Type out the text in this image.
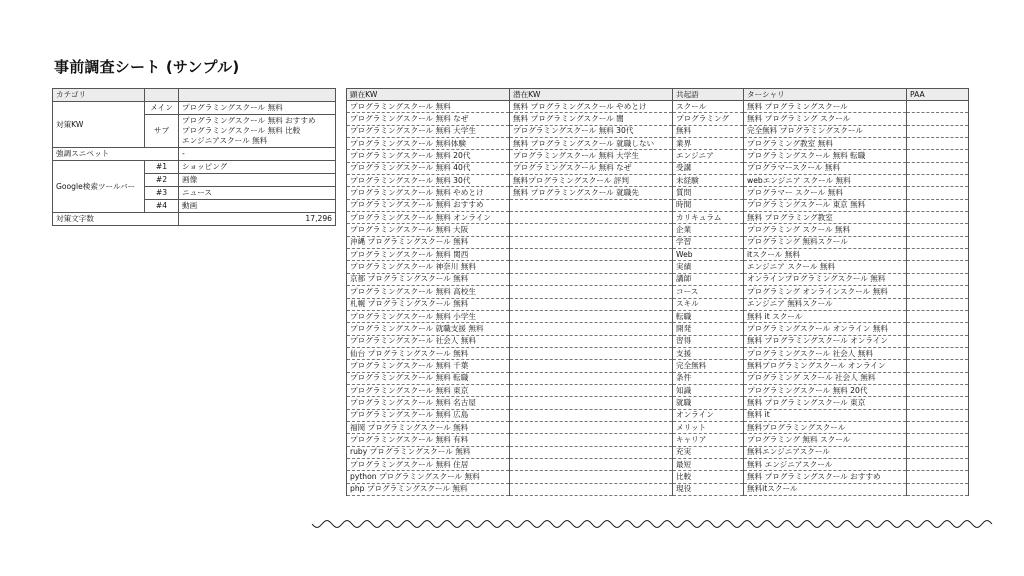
事前調査シート (サンプル)
カテゴリ		
対策KW	メイン	プログラミングスクール 無料
	サブ	プログラミングスクール 無料 おすすめ
プログラミングスクール 無料 比較
エンジニアスクール 無料

強調スニペット		-
Google検索ツールバー	#1	ショッピング
	#2	画像
	#3	ニュース
	#4	動画
対策文字数		17,296
顕在KW	潜在KW	共起語	ターシャリ	PAA
プログラミングスクール 無料	無料 プログラミングスクール やめとけ	スクール	無料 プログラミングスクール	
プログラミングスクール 無料 なぜ	無料 プログラミングスクール 闇	プログラミング	無料 プログラミング スクール	
プログラミングスクール 無料 大学生	プログラミングスクール 無料 30代	無料	完全無料 プログラミングスクール	
プログラミングスクール 無料体験	無料 プログラミングスクール 就職しない	業界	プログラミング教室 無料	
プログラミングスクール 無料 20代	プログラミングスクール 無料 大学生	エンジニア	プログラミングスクール 無料 転職	
プログラミングスクール 無料 40代	プログラミングスクール 無料 なぜ	受講	プログラマースクール 無料	
プログラミングスクール 無料 30代	無料プログラミングスクール 評判	未経験	webエンジニア スクール 無料	
プログラミングスクール 無料 やめとけ	無料 プログラミングスクール 就職先	質問	プログラマー スクール 無料	
プログラミングスクール 無料 おすすめ		時間	プログラミングスクール 東京 無料	
プログラミングスクール 無料 オンライン		カリキュラム	無料 プログラミング教室	
プログラミングスクール 無料 大阪		企業	プログラミング スクール 無料	
沖縄 プログラミングスクール 無料		学習	プログラミング 無料スクール	
プログラミングスクール 無料 関西		Web	itスクール 無料	
プログラミングスクール 神奈川 無料		実績	エンジニア スクール 無料	
京都 プログラミングスクール 無料		講師	オンラインプログラミングスクール 無料	
プログラミングスクール 無料 高校生		コース	プログラミング オンラインスクール 無料	
札幌 プログラミングスクール 無料		スキル	エンジニア 無料スクール	
プログラミングスクール 無料 小学生		転職	無料 it スクール	
プログラミングスクール 就職支援 無料		開発	プログラミングスクール オンライン 無料	
プログラミングスクール 社会人 無料		習得	無料 プログラミングスクール オンライン	
仙台 プログラミングスクール 無料		支援	プログラミングスクール 社会人 無料	
プログラミングスクール 無料 千葉		完全無料	無料プログラミングスクール オンライン	
プログラミングスクール 無料 転職		条件	プログラミング スクール 社会人 無料	
プログラミングスクール 無料 東京		知識	プログラミングスクール 無料 20代	
プログラミングスクール 無料 名古屋		就職	無料 プログラミングスクール 東京	
プログラミングスクール 無料 広島		オンライン	無料 it	
福岡 プログラミングスクール 無料		メリット	無料プログラミングスクール	
プログラミングスクール 無料 有料		キャリア	プログラミング 無料 スクール	
ruby プログラミングスクール 無料		充実	無料エンジニアスクール	
プログラミングスクール 無料 住居		最短	無料 エンジニアスクール	
python プログラミングスクール 無料		比較	無料 プログラミングスクール おすすめ	
php プログラミングスクール 無料		現役	無料itスクール	
